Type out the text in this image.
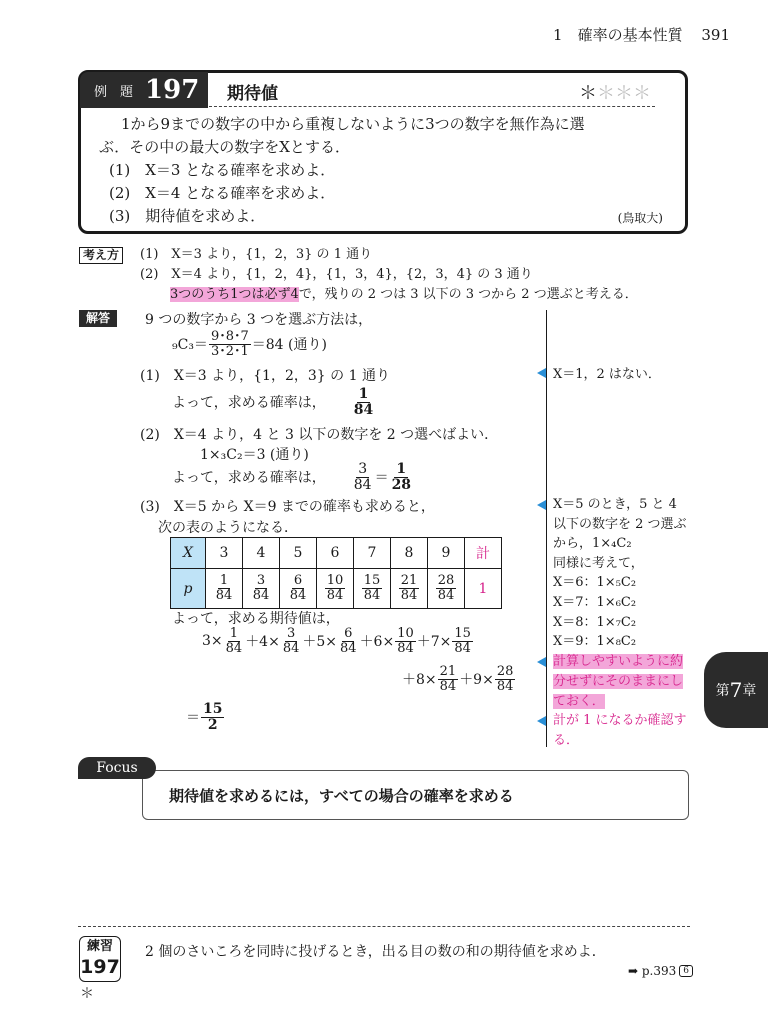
1　確率の基本性質 391
例　題 197 期待値	＊＊＊＊
1から9までの数字の中から重複しないように3つの数字を無作為に選
ぶ．その中の最大の数字をXとする．
(1)　X＝3 となる確率を求めよ．
(2)　X＝4 となる確率を求めよ．
(3)　期待値を求めよ．	(鳥取大)
考え方	(1)　X＝3 より，{1，2，3} の 1 通り
(2)　X＝4 より，{1，2，4}，{1，3，4}，{2，3，4} の 3 通り
3つのうち1つは必ず4で，残りの 2 つは 3 以下の 3 つから 2 つ選ぶと考える．
解答	9 つの数字から 3 つを選ぶ方法は，
$_9C_3= \frac{9･8･7}{3･2･1} =84$ (通り)
(1)　X＝3 より，{1，2，3} の 1 通り
よって，求める確率は， $\frac{1}{84}$
(2)　X＝4 より，4 と 3 以下の数字を 2 つ選べばよい．
1×₃C₂＝3 (通り)
よって，求める確率は， $\frac{3}{84} = \frac{1}{28}$
(3)　X＝5 から X＝9 までの確率も求めると，
次の表のようになる．
X	3	4	5	6	7	8	9	計
p	$\frac{1}{84}$	$\frac{3}{84}$	$\frac{6}{84}$	$\frac{10}{84}$	$\frac{15}{84}$	$\frac{21}{84}$	$\frac{28}{84}$	1
よって，求める期待値は，
$3\times \frac{1}{84} +4\times \frac{3}{84} +5\times \frac{6}{84} +6\times \frac{10}{84} +7\times \frac{15}{84}$
$+8\times \frac{21}{84} +9\times \frac{28}{84}$
＝ $\frac{15}{2}$
X＝1，2 はない．
X＝5 のとき，5 と 4
以下の数字を 2 つ選ぶ
から，1×₄C₂
同様に考えて，
X＝6：1×₅C₂
X＝7：1×₆C₂
X＝8：1×₇C₂
X＝9：1×₈C₂
計算しやすいように約
分せずにそのままにし
ておく．
計が 1 になるか確認す
る．
第 7 章
期待値を求めるには，すべての場合の確率を求める
Focus
練習
197
＊
2 個のさいころを同時に投げるとき，出る目の数の和の期待値を求めよ．
➡ p.393 6
